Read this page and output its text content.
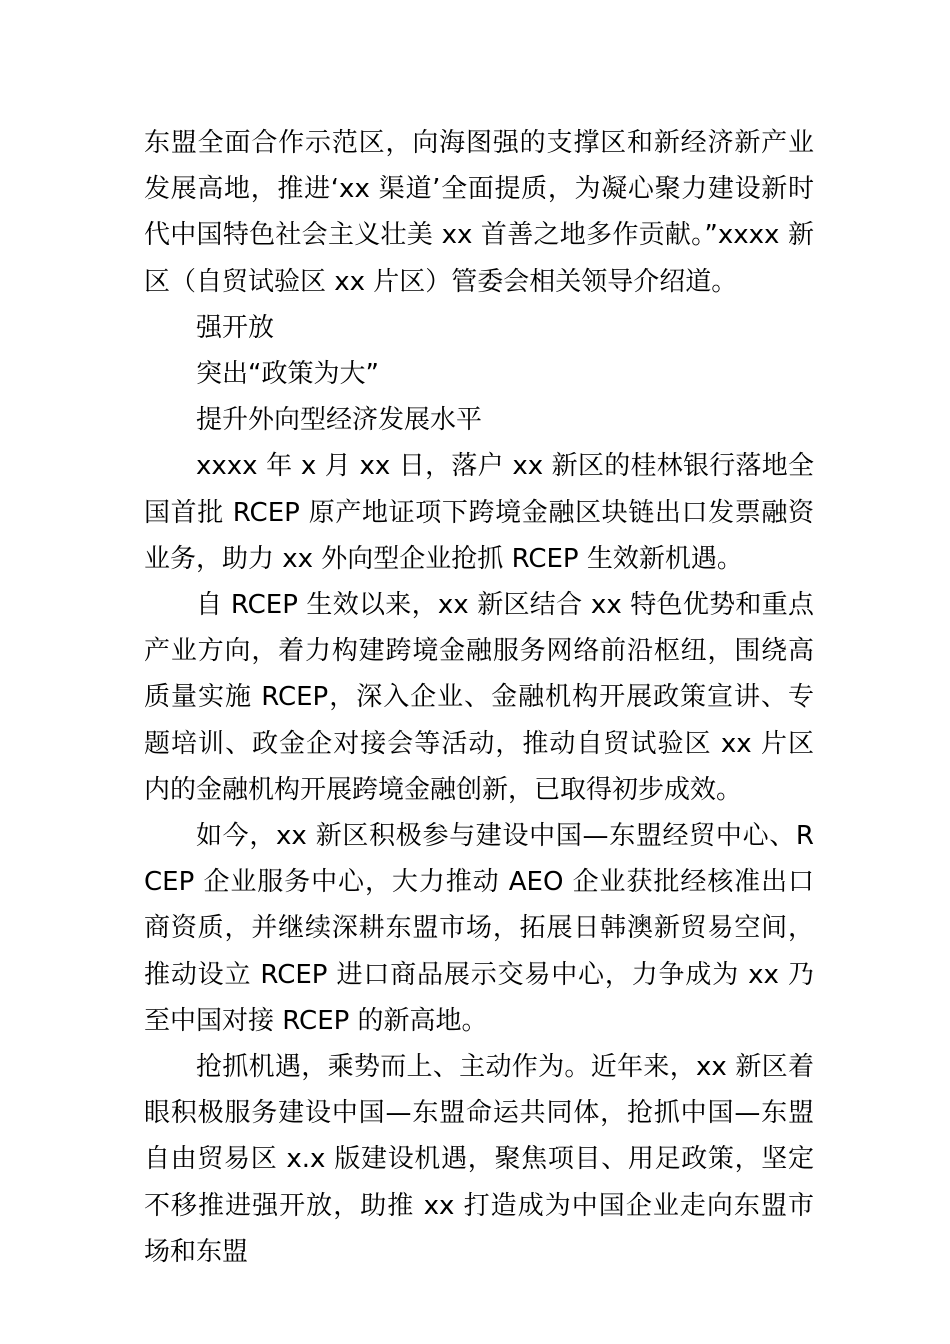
东盟全面合作示范区，向海图强的支撑区和新经济新产业发展高地，推进‘xx 渠道’全面提质，为凝心聚力建设新时代中国特色社会主义壮美 xx 首善之地多作贡献。”xxxx 新区（自贸试验区 xx 片区）管委会相关领导介绍道。

强开放

突出“政策为大”

提升外向型经济发展水平

xxxx 年 x 月 xx 日，落户 xx 新区的桂林银行落地全国首批 RCEP 原产地证项下跨境金融区块链出口发票融资业务，助力 xx 外向型企业抢抓 RCEP 生效新机遇。

自 RCEP 生效以来，xx 新区结合 xx 特色优势和重点产业方向，着力构建跨境金融服务网络前沿枢纽，围绕高质量实施 RCEP，深入企业、金融机构开展政策宣讲、专题培训、政金企对接会等活动，推动自贸试验区 xx 片区内的金融机构开展跨境金融创新，已取得初步成效。

如今，xx 新区积极参与建设中国—东盟经贸中心、RCEP 企业服务中心，大力推动 AEO 企业获批经核准出口商资质，并继续深耕东盟市场，拓展日韩澳新贸易空间，推动设立 RCEP 进口商品展示交易中心，力争成为 xx 乃至中国对接 RCEP 的新高地。

抢抓机遇，乘势而上、主动作为。近年来，xx 新区着眼积极服务建设中国—东盟命运共同体，抢抓中国—东盟自由贸易区 x.x 版建设机遇，聚焦项目、用足政策，坚定不移推进强开放，助推 xx 打造成为中国企业走向东盟市场和东盟
